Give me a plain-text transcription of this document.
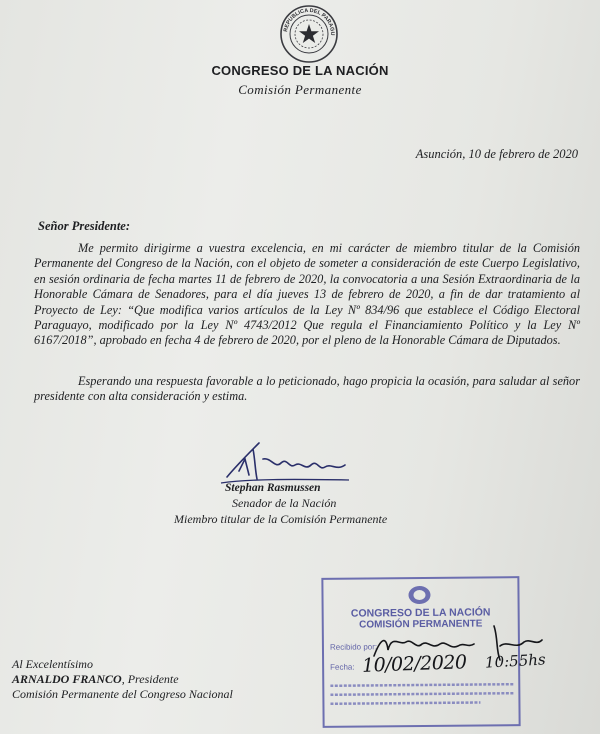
REPUBLICA DEL PARAGU
CONGRESO DE LA NACIÓN
Comisión Permanente
Asunción, 10 de febrero de 2020
Señor Presidente:

Me permito dirigirme a vuestra excelencia, en mi carácter de miembro titular de la Comisión Permanente del Congreso de la Nación, con el objeto de someter a consideración de este Cuerpo Legislativo, en sesión ordinaria de fecha martes 11 de febrero de 2020, la convocatoria a una Sesión Extraordinaria de la Honorable Cámara de Senadores, para el día jueves 13 de febrero de 2020, a fin de dar tratamiento al Proyecto de Ley: “Que modifica varios artículos de la Ley Nº 834/96 que establece el Código Electoral Paraguayo, modificado por la Ley Nº 4743/2012 Que regula el Financiamiento Político y la Ley Nº 6167/2018”, aprobado en fecha 4 de febrero de 2020, por el pleno de la Honorable Cámara de Diputados.

Esperando una respuesta favorable a lo peticionado, hago propicia la ocasión, para saludar al señor presidente con alta consideración y estima.

Stephan Rasmussen
Senador de la Nación
Miembro titular de la Comisión Permanente
Al Excelentísimo
ARNALDO FRANCO, Presidente
Comisión Permanente del Congreso Nacional
CONGRESO DE LA NACIÓN
COMISIÓN PERMANENTE
Recibido por:
Fecha: 10/02/2020 10:55hs
